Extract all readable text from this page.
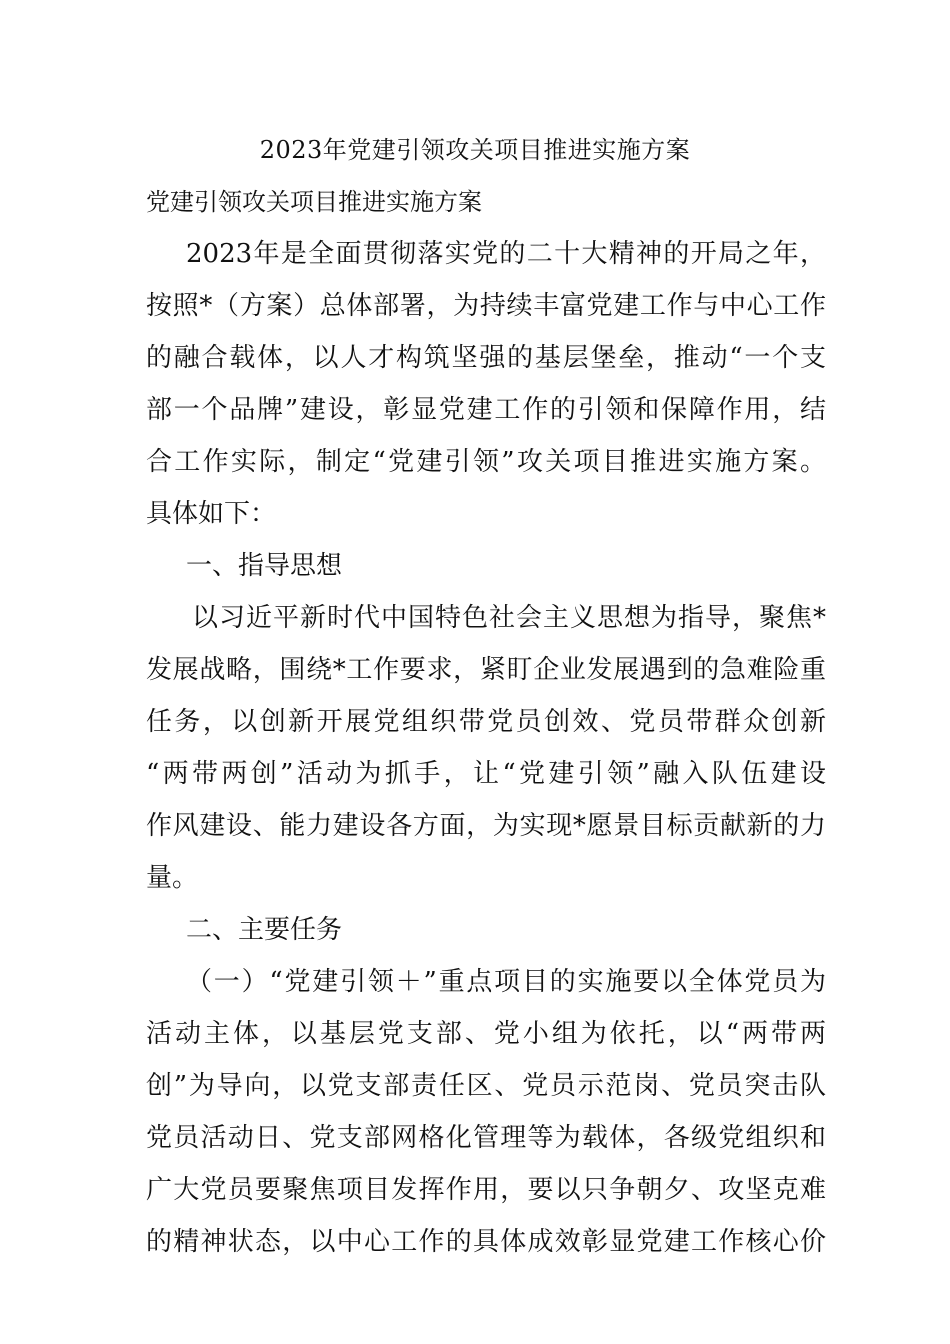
2023年党建引领攻关项目推进实施方案
党建引领攻关项目推进实施方案
2023年是全面贯彻落实党的二十大精神的开局之年，
按照*（方案）总体部署，为持续丰富党建工作与中心工作
的融合载体，以人才构筑坚强的基层堡垒，推动“一个支
部一个品牌”建设，彰显党建工作的引领和保障作用，结
合工作实际，制定“党建引领”攻关项目推进实施方案。
具体如下：
一、指导思想
以习近平新时代中国特色社会主义思想为指导，聚焦*
发展战略，围绕*工作要求，紧盯企业发展遇到的急难险重
任务，以创新开展党组织带党员创效、党员带群众创新
“两带两创”活动为抓手，让“党建引领”融入队伍建设
作风建设、能力建设各方面，为实现*愿景目标贡献新的力
量。
二、主要任务
（一）“党建引领＋”重点项目的实施要以全体党员为
活动主体，以基层党支部、党小组为依托，以“两带两
创”为导向，以党支部责任区、党员示范岗、党员突击队
党员活动日、党支部网格化管理等为载体，各级党组织和
广大党员要聚焦项目发挥作用，要以只争朝夕、攻坚克难
的精神状态，以中心工作的具体成效彰显党建工作核心价
